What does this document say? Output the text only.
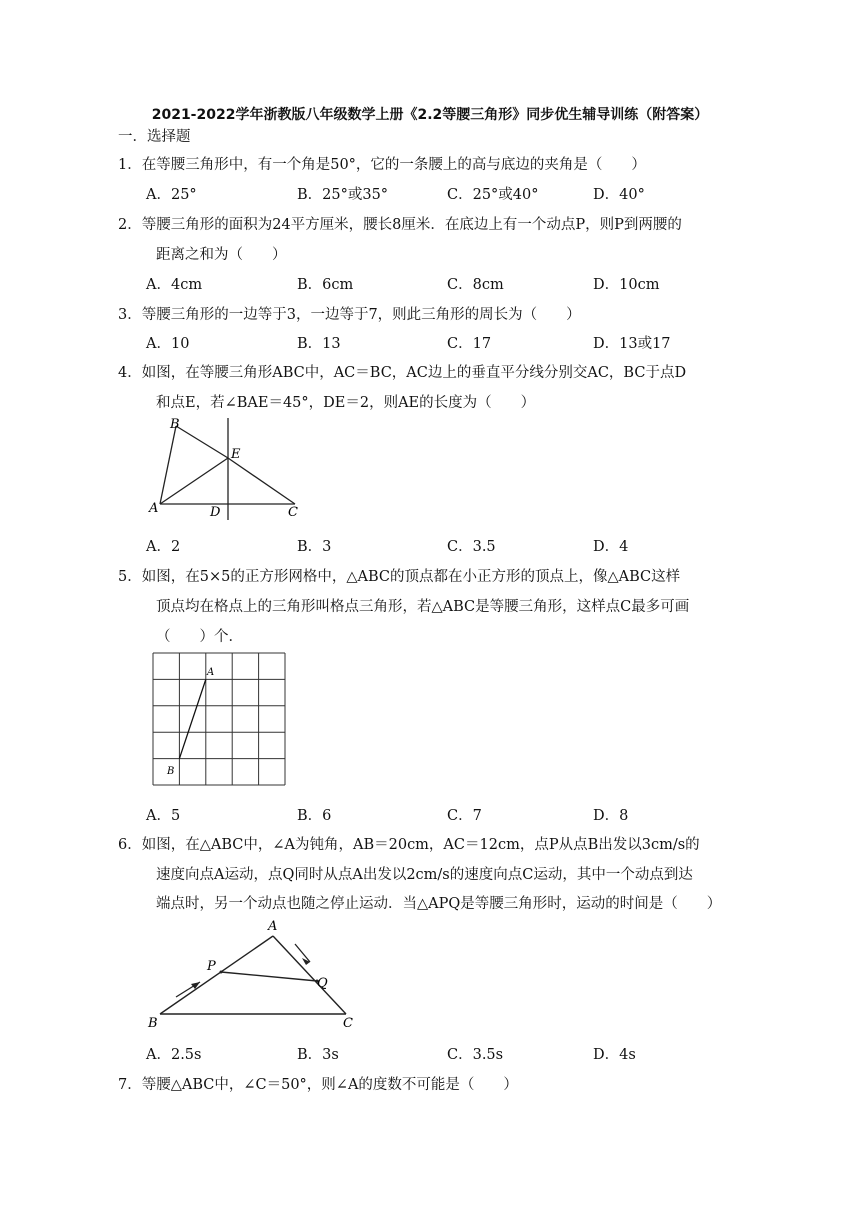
2021-2022学年浙教版八年级数学上册《2.2等腰三角形》同步优生辅导训练（附答案）
一．选择题
1．在等腰三角形中，有一个角是50°，它的一条腰上的高与底边的夹角是（　　）
A．25°	B．25°或35°	C．25°或40°	D．40°
2．等腰三角形的面积为24平方厘米，腰长8厘米．在底边上有一个动点P，则P到两腰的
距离之和为（　　）
A．4cm	B．6cm	C．8cm	D．10cm
3．等腰三角形的一边等于3，一边等于7，则此三角形的周长为（　　）
A．10	B．13	C．17	D．13或17
4．如图，在等腰三角形ABC中，AC＝BC，AC边上的垂直平分线分别交AC，BC于点D
和点E，若∠BAE＝45°，DE＝2，则AE的长度为（　　）
B
E
A	D	C
A．2	B．3	C．3.5	D．4
5．如图，在5×5的正方形网格中，△ABC的顶点都在小正方形的顶点上，像△ABC这样
顶点均在格点上的三角形叫格点三角形，若△ABC是等腰三角形，这样点C最多可画
（　　）个．
A
B
A．5	B．6	C．7	D．8
6．如图，在△ABC中，∠A为钝角，AB＝20cm，AC＝12cm，点P从点B出发以3cm/s的
速度向点A运动，点Q同时从点A出发以2cm/s的速度向点C运动，其中一个动点到达
端点时，另一个动点也随之停止运动．当△APQ是等腰三角形时，运动的时间是（　　）
A
P
Q
B	C
A．2.5s	B．3s	C．3.5s	D．4s
7．等腰△ABC中，∠C＝50°，则∠A的度数不可能是（　　）
